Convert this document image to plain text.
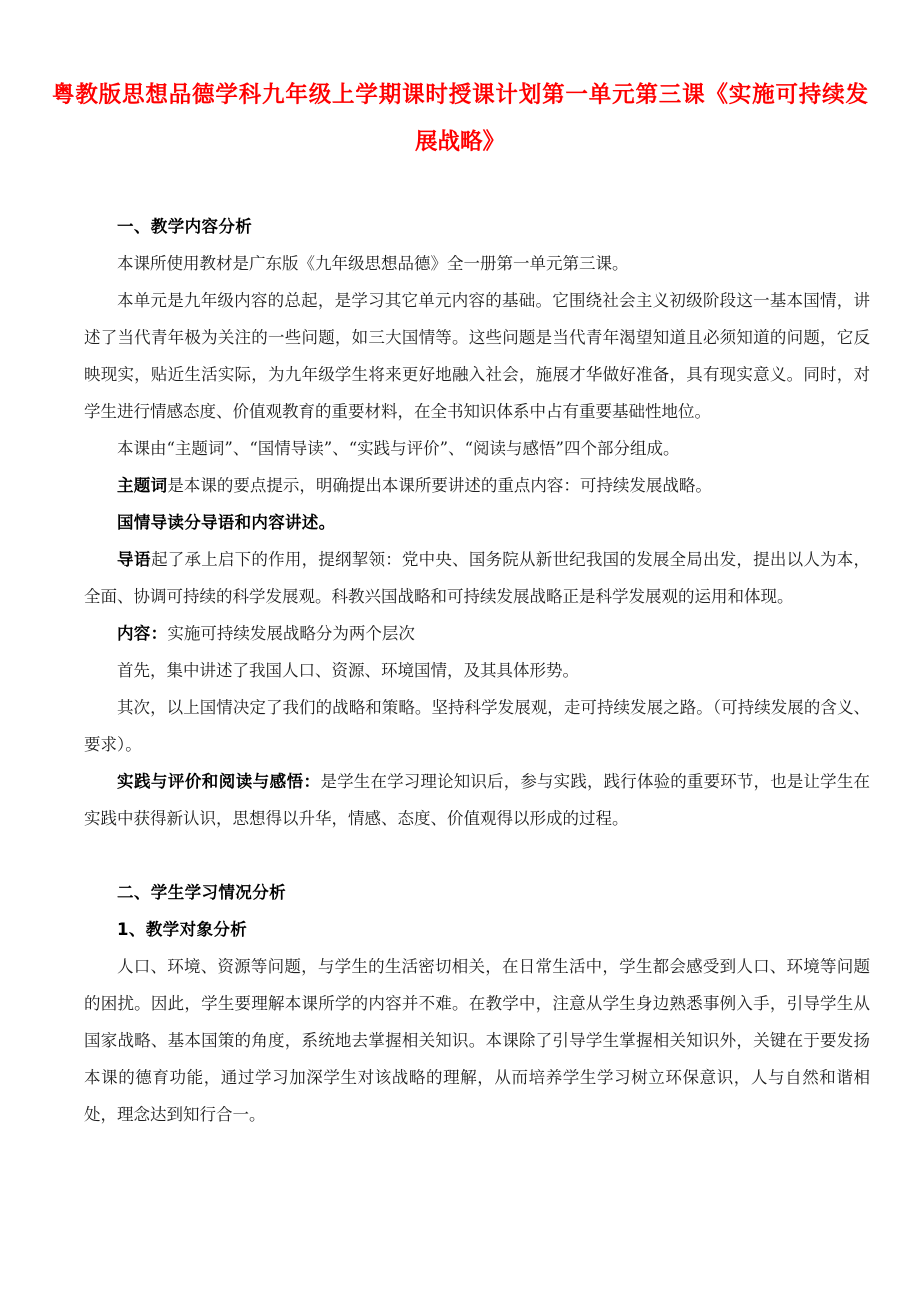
粤教版思想品德学科九年级上学期课时授课计划第一单元第三课《实施可持续发
展战略》

一、教学内容分析

本课所使用教材是广东版《九年级思想品德》全一册第一单元第三课。

本单元是九年级内容的总起，是学习其它单元内容的基础。它围绕社会主义初级阶段这一基本国情，讲述了当代青年极为关注的一些问题，如三大国情等。这些问题是当代青年渴望知道且必须知道的问题，它反映现实，贴近生活实际，为九年级学生将来更好地融入社会，施展才华做好准备，具有现实意义。同时，对学生进行情感态度、价值观教育的重要材料，在全书知识体系中占有重要基础性地位。

本课由“主题词”、“国情导读”、“实践与评价”、“阅读与感悟”四个部分组成。

主题词是本课的要点提示，明确提出本课所要讲述的重点内容：可持续发展战略。

国情导读分导语和内容讲述。

导语起了承上启下的作用，提纲挈领：党中央、国务院从新世纪我国的发展全局出发，提出以人为本，全面、协调可持续的科学发展观。科教兴国战略和可持续发展战略正是科学发展观的运用和体现。

内容：实施可持续发展战略分为两个层次

首先，集中讲述了我国人口、资源、环境国情，及其具体形势。

其次，以上国情决定了我们的战略和策略。坚持科学发展观，走可持续发展之路。（可持续发展的含义、要求）。

实践与评价和阅读与感悟：是学生在学习理论知识后，参与实践，践行体验的重要环节，也是让学生在实践中获得新认识，思想得以升华，情感、态度、价值观得以形成的过程。

二、学生学习情况分析

1、教学对象分析

人口、环境、资源等问题，与学生的生活密切相关，在日常生活中，学生都会感受到人口、环境等问题的困扰。因此，学生要理解本课所学的内容并不难。在教学中，注意从学生身边熟悉事例入手，引导学生从国家战略、基本国策的角度，系统地去掌握相关知识。本课除了引导学生掌握相关知识外，关键在于要发扬本课的德育功能，通过学习加深学生对该战略的理解，从而培养学生学习树立环保意识，人与自然和谐相处，理念达到知行合一。
